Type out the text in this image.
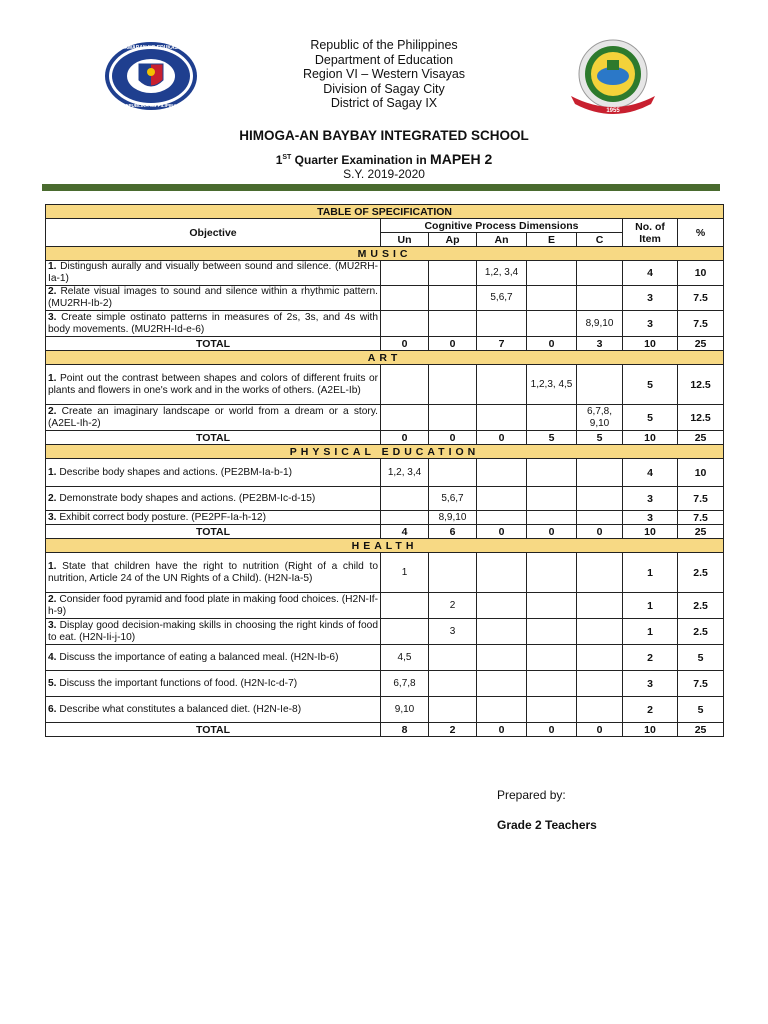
KAGAWARAN NG EDUKASYON
REPUBLIKA NG PILIPINAS
1955
Republic of the Philippines
Department of Education
Region VI – Western Visayas
Division of Sagay City
District of Sagay IX
HIMOGA-AN BAYBAY INTEGRATED SCHOOL
1ST Quarter Examination in MAPEH 2
S.Y. 2019-2020
TABLE OF SPECIFICATION							
Objective	Cognitive Process Dimensions					No. of Item	%
	Un	Ap	An	E	C		
MUSIC							
1. Distingush aurally and visually between sound and silence. (MU2RH-Ia-1)			1,2, 3,4			4	10
2. Relate visual images to sound and silence within a rhythmic pattern. (MU2RH-Ib-2)			5,6,7			3	7.5
3. Create simple ostinato patterns in measures of 2s, 3s, and 4s with body movements. (MU2RH-Id-e-6)					8,9,10	3	7.5
TOTAL	0	0	7	0	3	10	25
ART							
1. Point out the contrast between shapes and colors of different fruits or plants and flowers in one's work and in the works of others. (A2EL-Ib)				1,2,3, 4,5		5	12.5
2. Create an imaginary landscape or world from a dream or a story. (A2EL-Ih-2)					6,7,8, 9,10	5	12.5
TOTAL	0	0	0	5	5	10	25
PHYSICAL EDUCATION							
1. Describe body shapes and actions. (PE2BM-Ia-b-1)	1,2, 3,4					4	10
2. Demonstrate body shapes and actions. (PE2BM-Ic-d-15)		5,6,7				3	7.5
3. Exhibit correct body posture. (PE2PF-Ia-h-12)		8,9,10				3	7.5
TOTAL	4	6	0	0	0	10	25
HEALTH							
1. State that children have the right to nutrition (Right of a child to nutrition, Article 24 of the UN Rights of a Child). (H2N-Ia-5)	1					1	2.5
2. Consider food pyramid and food plate in making food choices. (H2N-If-h-9)		2				1	2.5
3. Display good decision-making skills in choosing the right kinds of food to eat. (H2N-Ii-j-10)		3				1	2.5
4. Discuss the importance of eating a balanced meal. (H2N-Ib-6)	4,5					2	5
5. Discuss the important functions of food. (H2N-Ic-d-7)	6,7,8					3	7.5
6. Describe what constitutes a balanced diet. (H2N-Ie-8)	9,10					2	5
TOTAL	8	2	0	0	0	10	25
Prepared by:
Grade 2 Teachers
